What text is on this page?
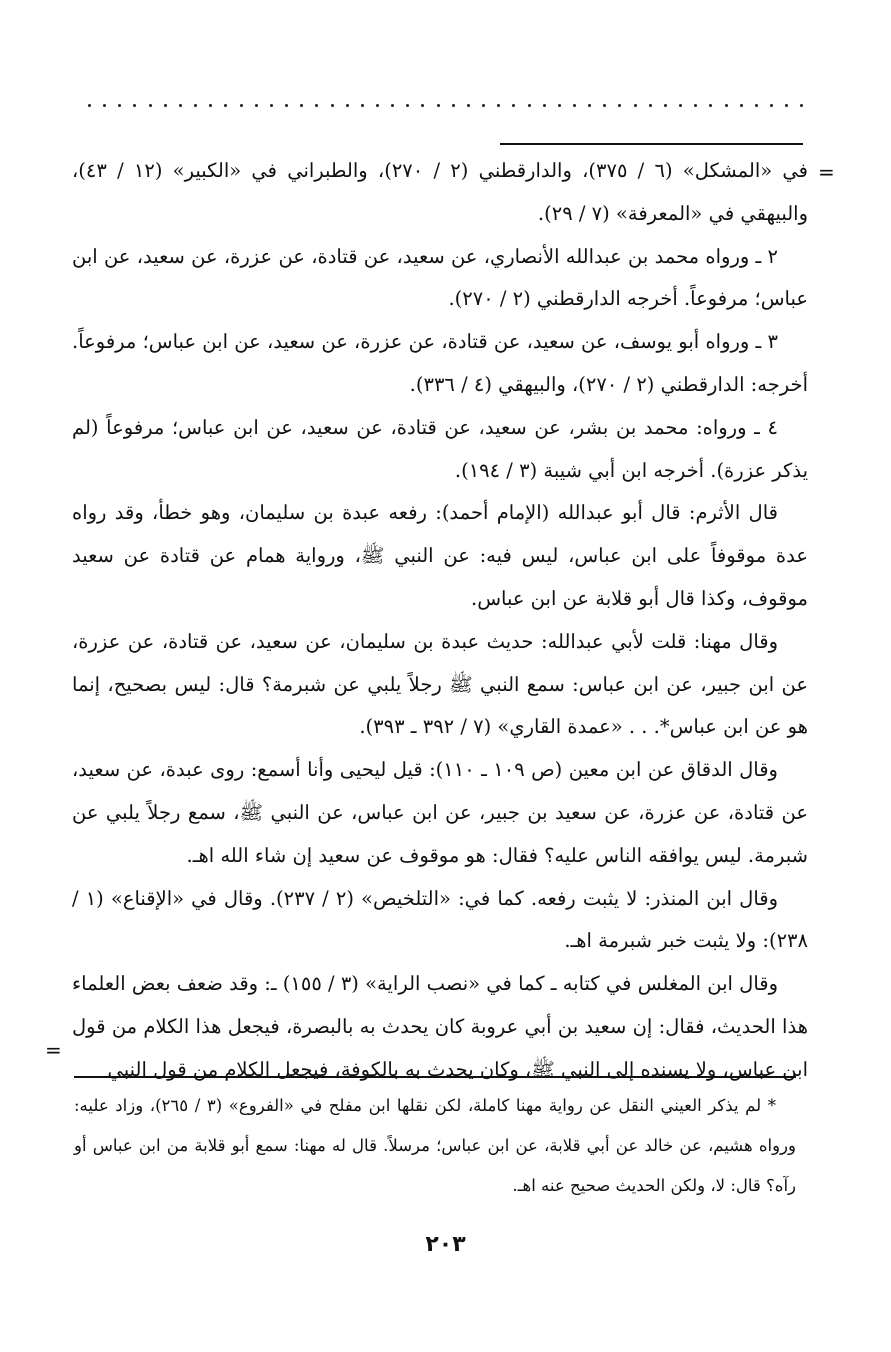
=

في «المشكل» (٦ / ٣٧٥)، والدارقطني (٢ / ٢٧٠)، والطبراني في «الكبير» (١٢ / ٤٣)، والبيهقي في «المعرفة» (٧ / ٢٩).

٢ ـ ورواه محمد بن عبدالله الأنصاري، عن سعيد، عن قتادة، عن عزرة، عن سعيد، عن ابن عباس؛ مرفوعاً. أخرجه الدارقطني (٢ / ٢٧٠).

٣ ـ ورواه أبو يوسف، عن سعيد، عن قتادة، عن عزرة، عن سعيد، عن ابن عباس؛ مرفوعاً. أخرجه: الدارقطني (٢ / ٢٧٠)، والبيهقي (٤ / ٣٣٦).

٤ ـ ورواه: محمد بن بشر، عن سعيد، عن قتادة، عن سعيد، عن ابن عباس؛ مرفوعاً (لم يذكر عزرة). أخرجه ابن أبي شيبة (٣ / ١٩٤).

قال الأثرم: قال أبو عبدالله (الإمام أحمد): رفعه عبدة بن سليمان، وهو خطأ، وقد رواه عدة موقوفاً على ابن عباس، ليس فيه: عن النبي ﷺ، ورواية همام عن قتادة عن سعيد موقوف، وكذا قال أبو قلابة عن ابن عباس.

وقال مهنا: قلت لأبي عبدالله: حديث عبدة بن سليمان، عن سعيد، عن قتادة، عن عزرة، عن ابن جبير، عن ابن عباس: سمع النبي ﷺ رجلاً يلبي عن شبرمة؟ قال: ليس بصحيح، إنما هو عن ابن عباس*. . . «عمدة القاري» (٧ / ٣٩٢ ـ ٣٩٣).

وقال الدقاق عن ابن معين (ص ١٠٩ ـ ١١٠): قيل ليحيى وأنا أسمع: روى عبدة، عن سعيد، عن قتادة، عن عزرة، عن سعيد بن جبير، عن ابن عباس، عن النبي ﷺ، سمع رجلاً يلبي عن شبرمة. ليس يوافقه الناس عليه؟ فقال: هو موقوف عن سعيد إن شاء الله اهـ.

وقال ابن المنذر: لا يثبت رفعه. كما في: «التلخيص» (٢ / ٢٣٧). وقال في «الإقناع» (١ / ٢٣٨): ولا يثبت خبر شبرمة اهـ.

وقال ابن المغلس في كتابه ـ كما في «نصب الراية» (٣ / ١٥٥) ـ: وقد ضعف بعض العلماء هذا الحديث، فقال: إن سعيد بن أبي عروبة كان يحدث به بالبصرة، فيجعل هذا الكلام من قول ابن عباس، ولا يسنده إلى النبي ﷺ، وكان يحدث به بالكوفة، فيجعل الكلام من قول النبي

=

* لم يذكر العيني النقل عن رواية مهنا كاملة، لكن نقلها ابن مفلح في «الفروع» (٣ / ٢٦٥)، وزاد عليه: ورواه هشيم، عن خالد عن أبي قلابة، عن ابن عباس؛ مرسلاً. قال له مهنا: سمع أبو قلابة من ابن عباس أو رآه؟ قال: لا، ولكن الحديث صحيح عنه اهـ.

٢٠٣
